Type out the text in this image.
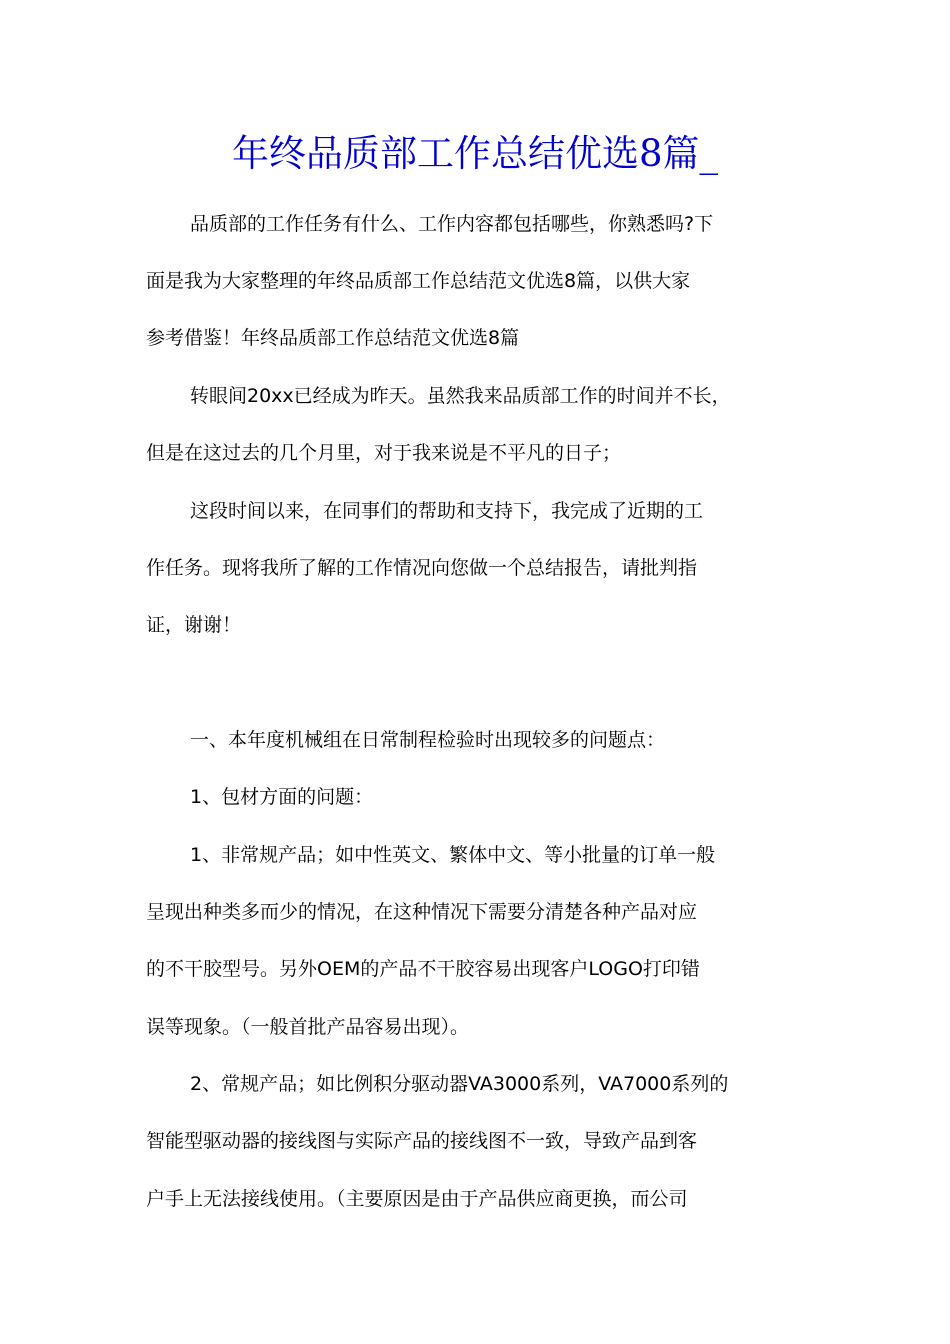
年终品质部工作总结优选8篇_
品质部的工作任务有什么、工作内容都包括哪些，你熟悉吗?下
面是我为大家整理的年终品质部工作总结范文优选8篇，以供大家
参考借鉴！年终品质部工作总结范文优选8篇
转眼间20xx已经成为昨天。虽然我来品质部工作的时间并不长，
但是在这过去的几个月里，对于我来说是不平凡的日子；
这段时间以来，在同事们的帮助和支持下，我完成了近期的工
作任务。现将我所了解的工作情况向您做一个总结报告，请批判指
证，谢谢！
一、本年度机械组在日常制程检验时出现较多的问题点：
1、包材方面的问题：
1、非常规产品；如中性英文、繁体中文、等小批量的订单一般
呈现出种类多而少的情况，在这种情况下需要分清楚各种产品对应
的不干胶型号。另外OEM的产品不干胶容易出现客户LOGO打印错
误等现象。（一般首批产品容易出现）。
2、常规产品；如比例积分驱动器VA3000系列，VA7000系列的
智能型驱动器的接线图与实际产品的接线图不一致，导致产品到客
户手上无法接线使用。（主要原因是由于产品供应商更换，而公司
